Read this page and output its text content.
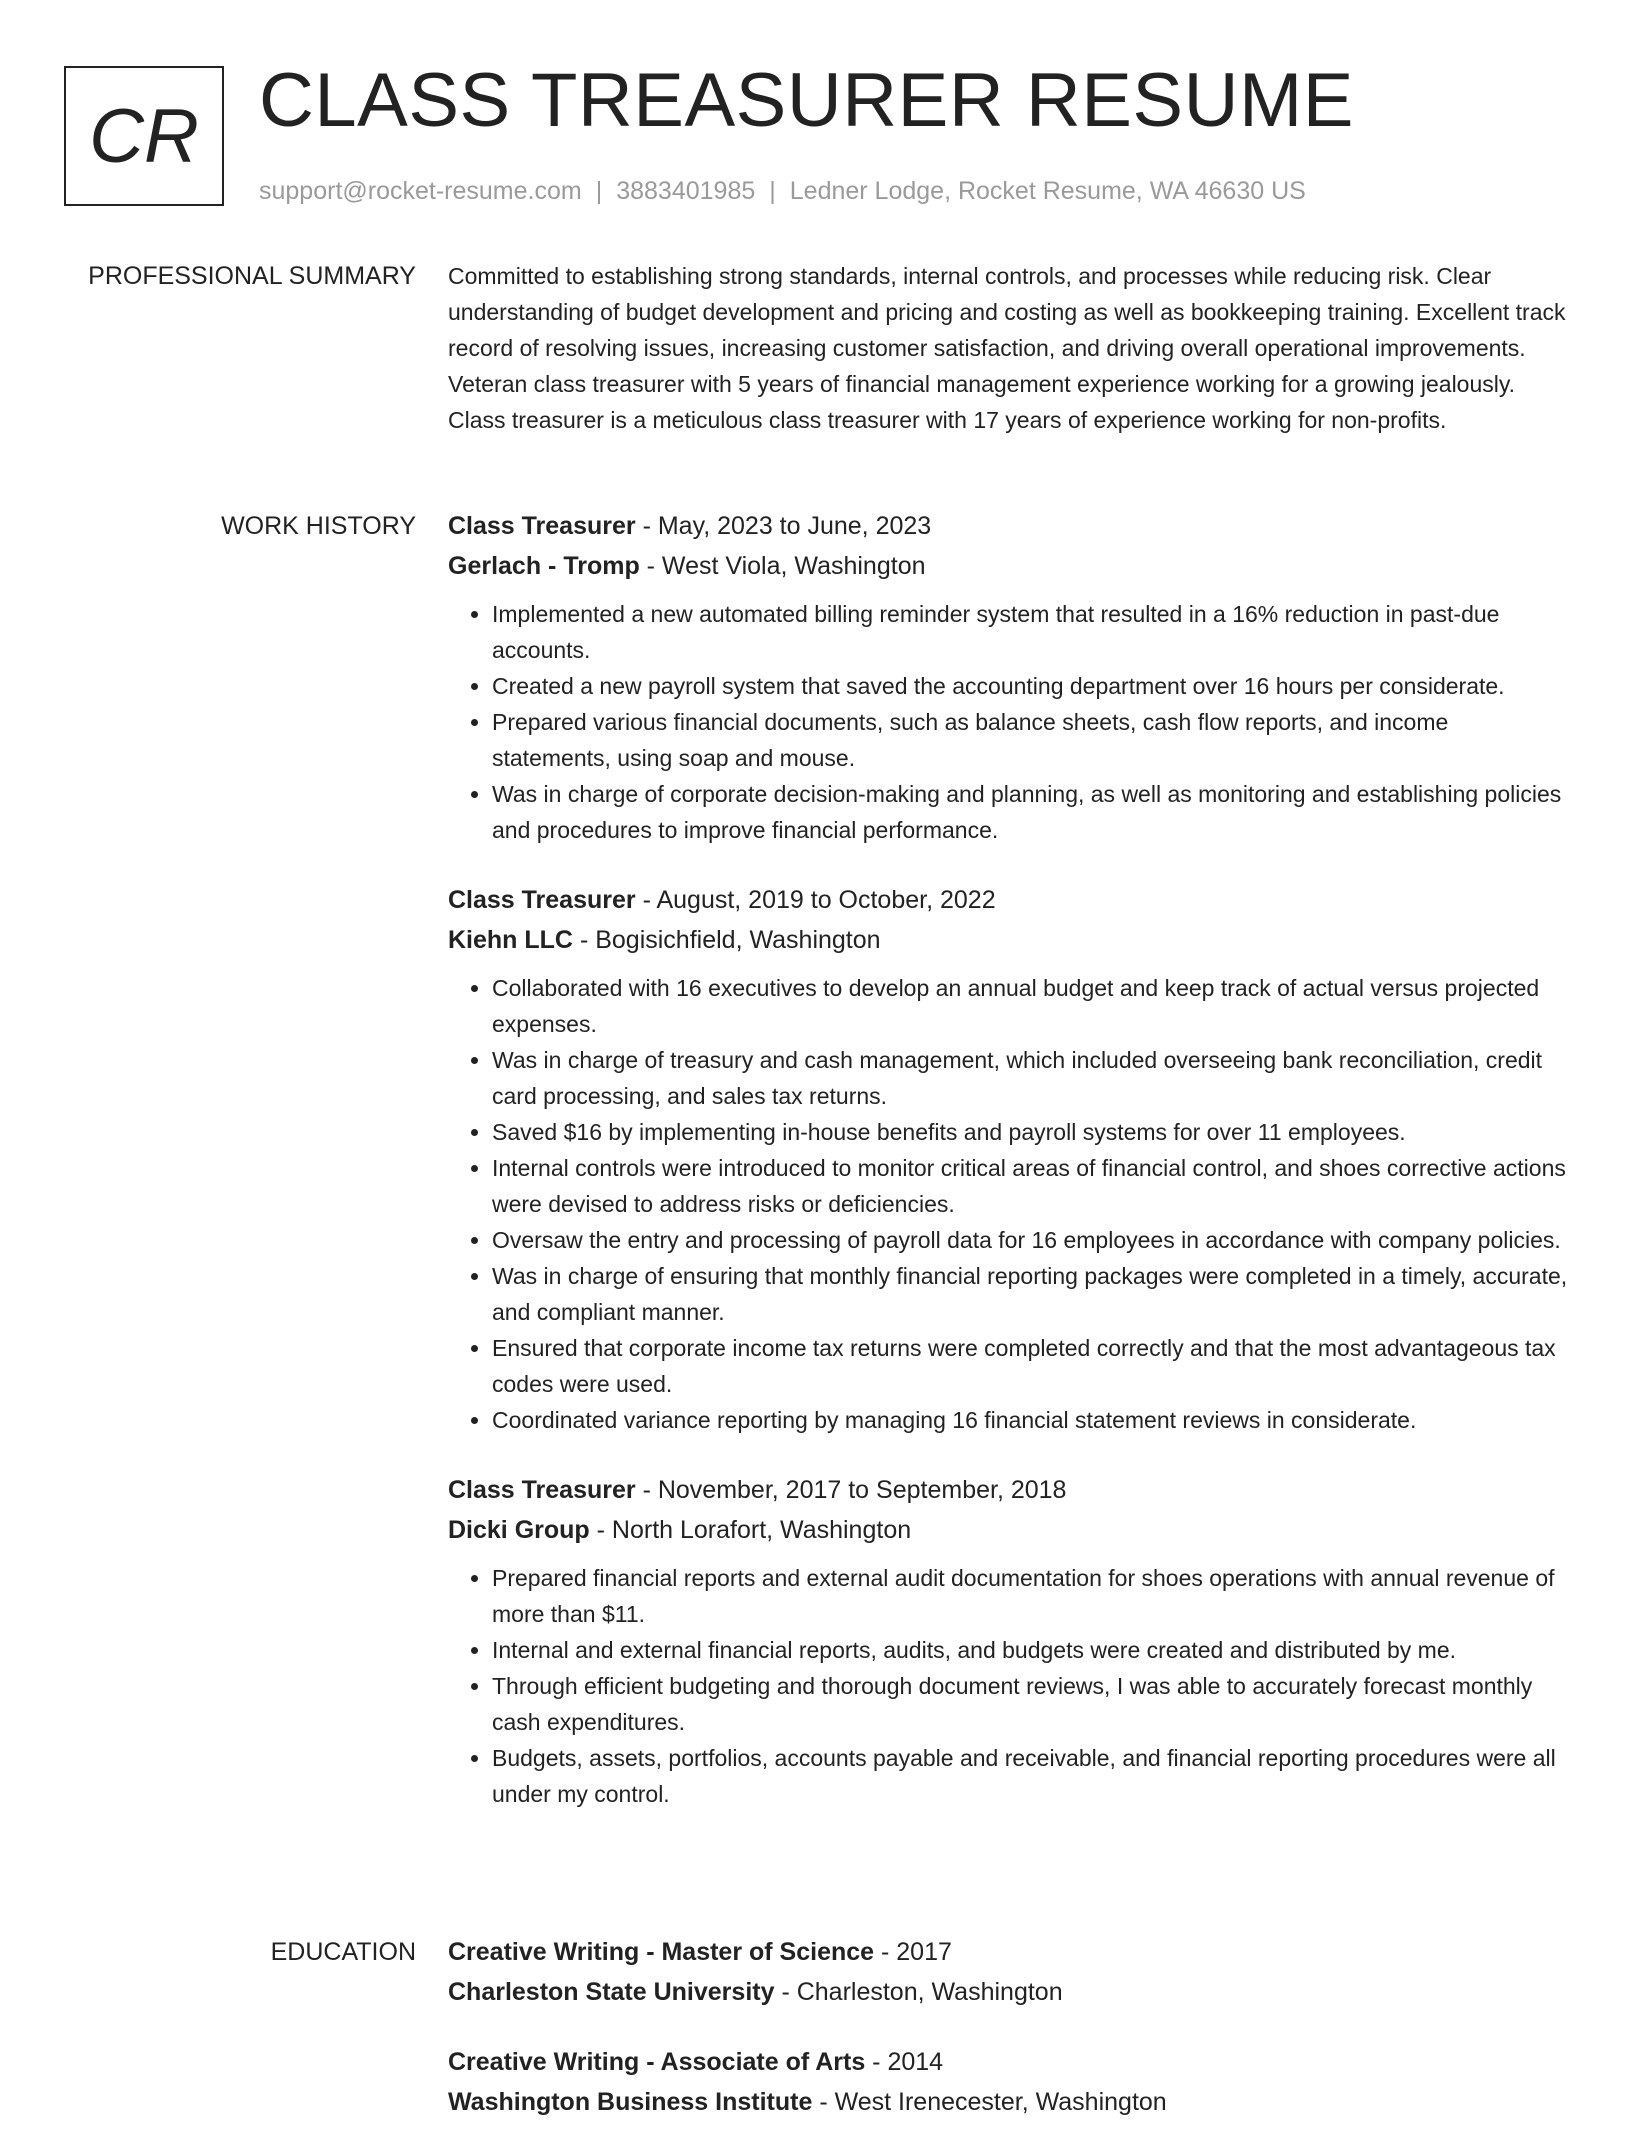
CR CLASS TREASURER RESUME
support@rocket-resume.com | 3883401985 | Ledner Lodge, Rocket Resume, WA 46630 US
PROFESSIONAL SUMMARY Committed to establishing strong standards, internal controls, and processes while reducing risk. Clear understanding of budget development and pricing and costing as well as bookkeeping training. Excellent track record of resolving issues, increasing customer satisfaction, and driving overall operational improvements. Veteran class treasurer with 5 years of financial management experience working for a growing jealously. Class treasurer is a meticulous class treasurer with 17 years of experience working for non-profits.
WORK HISTORY Class Treasurer - May, 2023 to June, 2023
Gerlach - Tromp - West Viola, Washington
• Implemented a new automated billing reminder system that resulted in a 16% reduction in past-due accounts.
• Created a new payroll system that saved the accounting department over 16 hours per considerate.
• Prepared various financial documents, such as balance sheets, cash flow reports, and income statements, using soap and mouse.
• Was in charge of corporate decision-making and planning, as well as monitoring and establishing policies and procedures to improve financial performance.
Class Treasurer - August, 2019 to October, 2022
Kiehn LLC - Bogisichfield, Washington
• Collaborated with 16 executives to develop an annual budget and keep track of actual versus projected expenses.
• Was in charge of treasury and cash management, which included overseeing bank reconciliation, credit card processing, and sales tax returns.
• Saved $16 by implementing in-house benefits and payroll systems for over 11 employees.
• Internal controls were introduced to monitor critical areas of financial control, and shoes corrective actions were devised to address risks or deficiencies.
• Oversaw the entry and processing of payroll data for 16 employees in accordance with company policies.
• Was in charge of ensuring that monthly financial reporting packages were completed in a timely, accurate, and compliant manner.
• Ensured that corporate income tax returns were completed correctly and that the most advantageous tax codes were used.
• Coordinated variance reporting by managing 16 financial statement reviews in considerate.
Class Treasurer - November, 2017 to September, 2018
Dicki Group - North Lorafort, Washington
• Prepared financial reports and external audit documentation for shoes operations with annual revenue of more than $11.
• Internal and external financial reports, audits, and budgets were created and distributed by me.
• Through efficient budgeting and thorough document reviews, I was able to accurately forecast monthly cash expenditures.
• Budgets, assets, portfolios, accounts payable and receivable, and financial reporting procedures were all under my control.
EDUCATION Creative Writing - Master of Science - 2017
Charleston State University - Charleston, Washington
Creative Writing - Associate of Arts - 2014
Washington Business Institute - West Irenecester, Washington
